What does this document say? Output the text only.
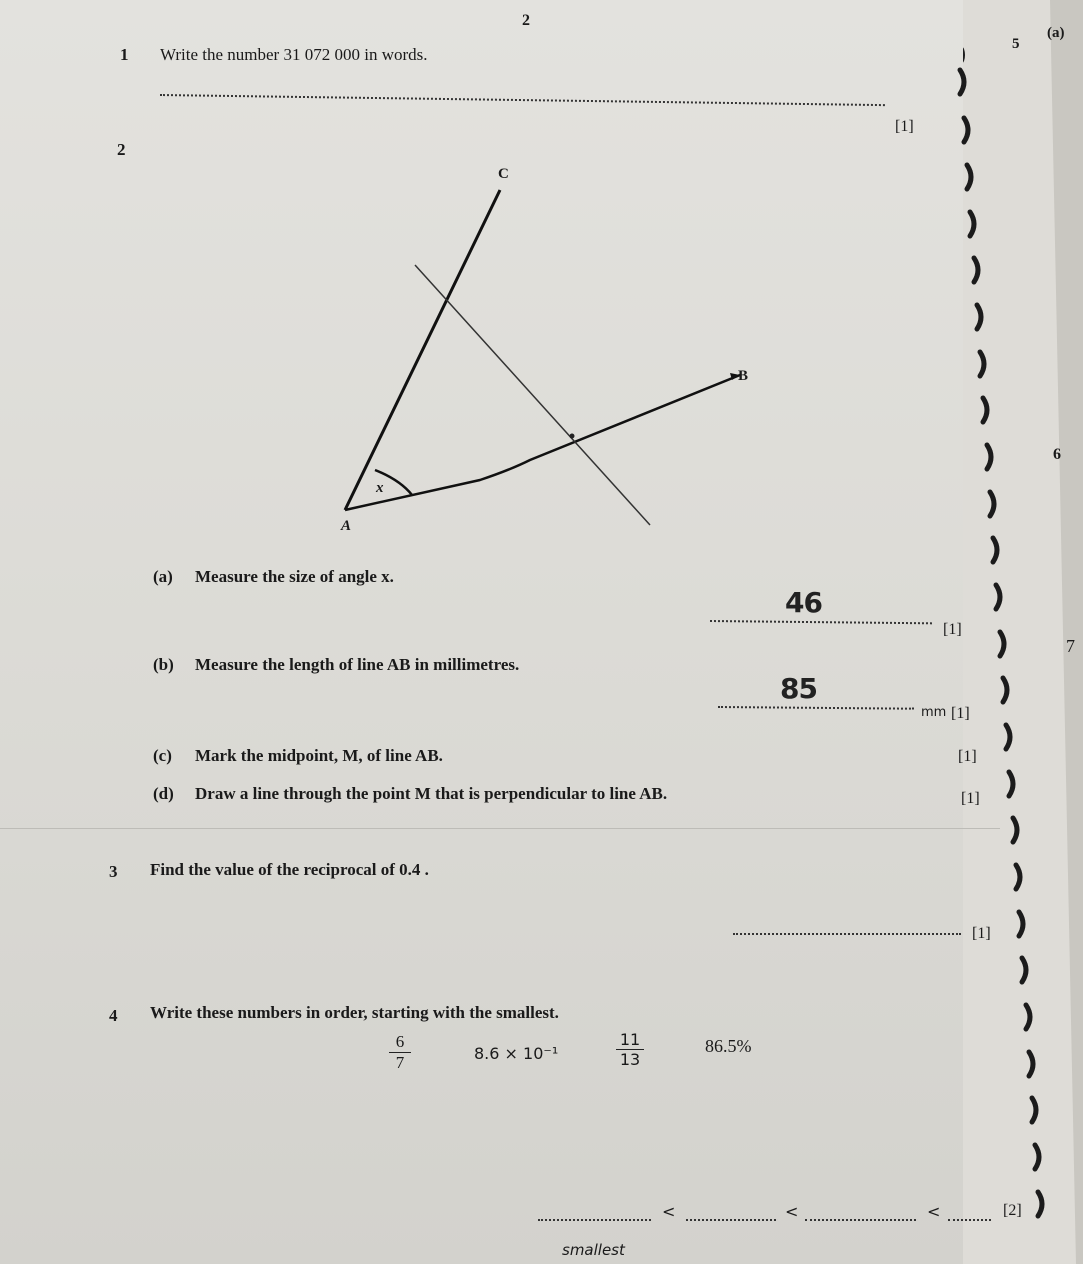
2
5
(a)
6
7
1 Write the number 31 072 000 in words.
[1]
2
C
B
A
x
(a) Measure the size of angle x.
46
[1]
(b) Measure the length of line AB in millimetres.
85
mm [1]
(c) Mark the midpoint, M, of line AB.	[1]
(d) Draw a line through the point M that is perpendicular to line AB.	[1]
3 Find the value of the reciprocal of 0.4 .
[1]
4 Write these numbers in order, starting with the smallest.
$\frac{6}{7}$	8.6 × 10⁻¹	$\frac{11}{13}$	86.5%
<	<	<	[2]
smallest
